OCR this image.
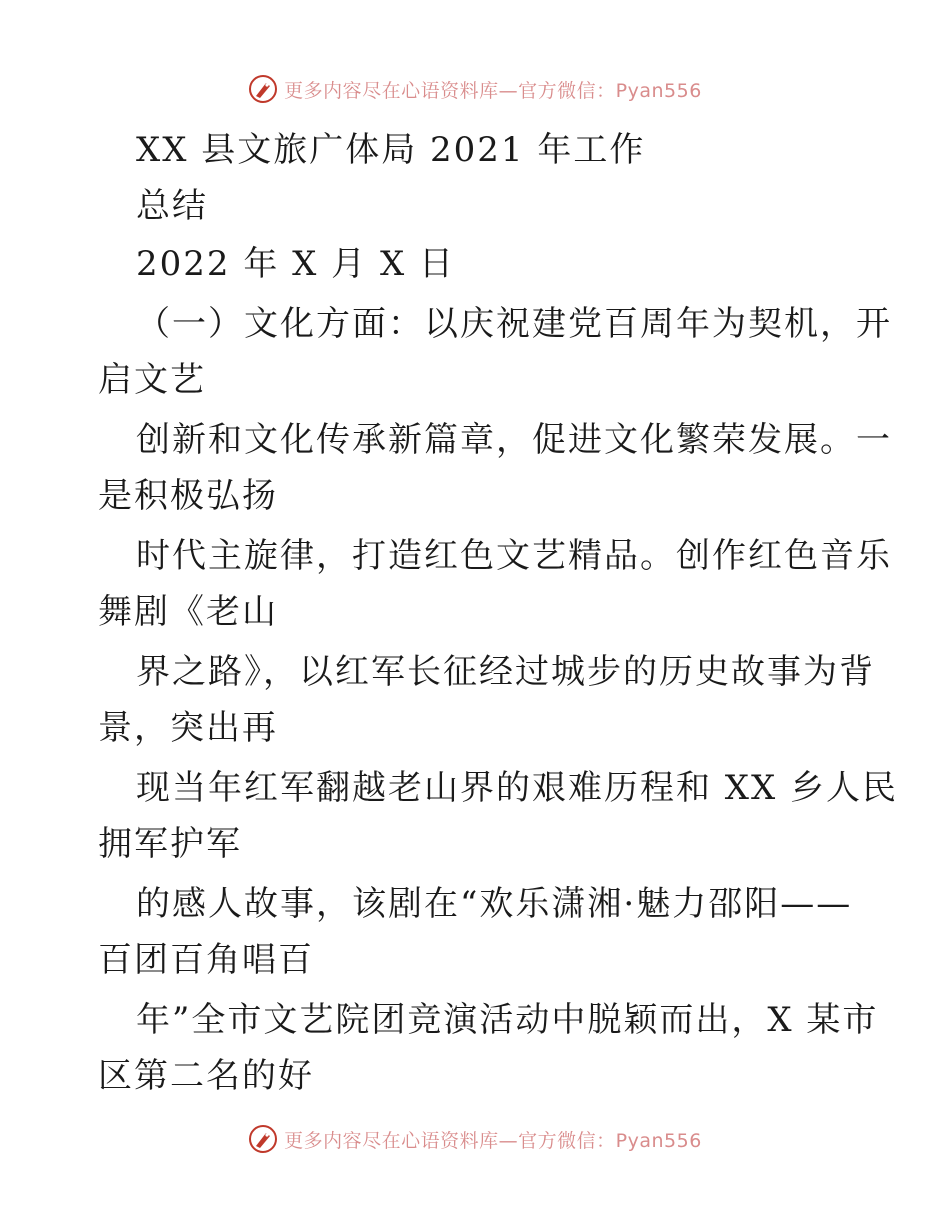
更多内容尽在心语资料库—官方微信：Pyan556
XX 县文旅广体局 2021 年工作
总结
2022 年 X 月 X 日
（一）文化方面：以庆祝建党百周年为契机，开
启文艺
创新和文化传承新篇章，促进文化繁荣发展。一
是积极弘扬
时代主旋律，打造红色文艺精品。创作红色音乐
舞剧《老山
界之路》，以红军长征经过城步的历史故事为背
景，突出再
现当年红军翻越老山界的艰难历程和 XX 乡人民
拥军护军
的感人故事，该剧在“欢乐潇湘·魅力邵阳——
百团百角唱百
年”全市文艺院团竞演活动中脱颖而出，X 某市
区第二名的好
更多内容尽在心语资料库—官方微信：Pyan556
